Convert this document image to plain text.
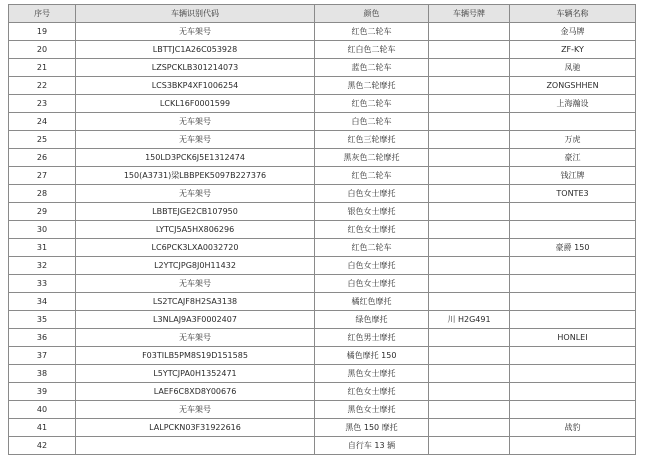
序号	车辆识别代码	颜色	车辆号牌	车辆名称
19	无车架号	红色二轮车		金马牌
20	LBTTJC1A26C053928	红白色二轮车		ZF-KY
21	LZSPCKLB301214073	蓝色二轮车		凤驰
22	LCS3BKP4XF1006254	黑色二轮摩托		ZONGSHHEN
23	LCKL16F0001599	红色二轮车		上海瀚设
24	无车架号	白色二轮车		
25	无车架号	红色三轮摩托		万虎
26	150LD3PCK6J5E1312474	黑灰色二轮摩托		豪江
27	150(A3731)梁LBBPEK5097B227376	红色二轮车		钱江牌
28	无车架号	白色女士摩托		TONTE3
29	LBBTEJGE2CB107950	银色女士摩托		
30	LYTCJ5A5HX806296	红色女士摩托		
31	LC6PCK3LXA0032720	红色二轮车		豪爵 150
32	L2YTCJPG8J0H11432	白色女士摩托		
33	无车架号	白色女士摩托		
34	LS2TCAJF8H2SA3138	橘红色摩托		
35	L3NLAJ9A3F0002407	绿色摩托	川 H2G491	
36	无车架号	红色男士摩托		HONLEI
37	F03TILB5PM8S19D151585	橘色摩托 150		
38	L5YTCJPA0H1352471	黑色女士摩托		
39	LAEF6C8XD8Y00676	红色女士摩托		
40	无车架号	黑色女士摩托		
41	LALPCKN03F31922616	黑色 150 摩托		战豹
42		自行车 13 辆		
